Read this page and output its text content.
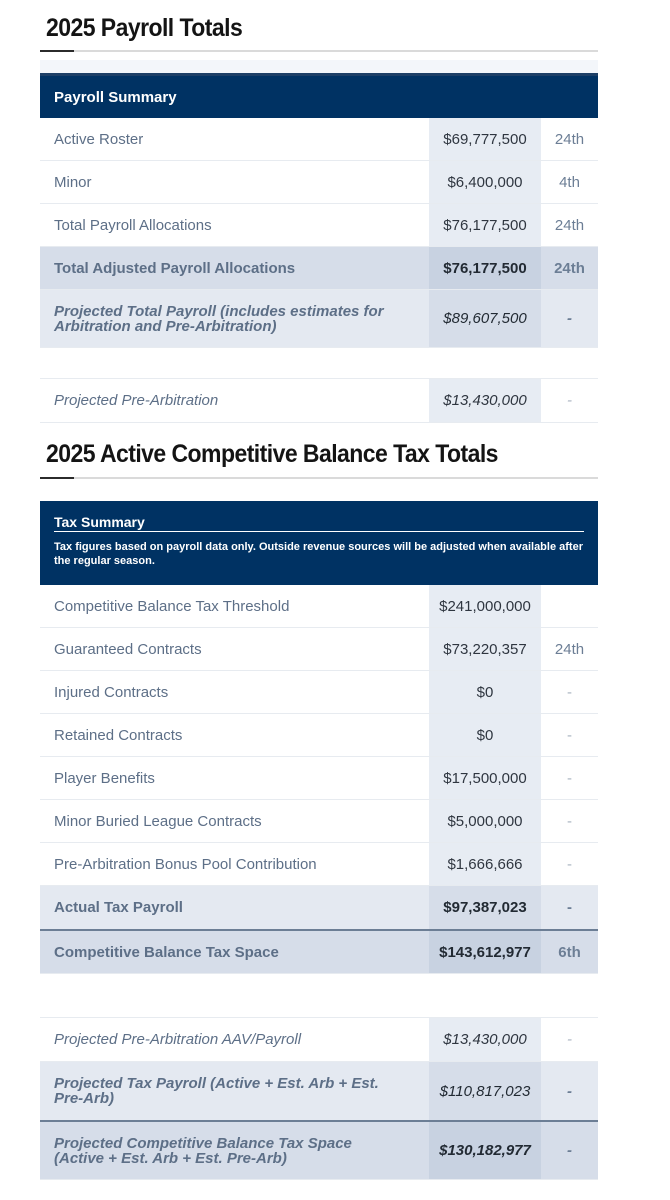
2025 Payroll Totals
Payroll Summary
Active Roster	$69,777,500	24th
Minor	$6,400,000	4th
Total Payroll Allocations	$76,177,500	24th
Total Adjusted Payroll Allocations	$76,177,500	24th
Projected Total Payroll (includes estimates for Arbitration and Pre-Arbitration)	$89,607,500	-
Projected Pre-Arbitration	$13,430,000	-
2025 Active Competitive Balance Tax Totals
Tax Summary
Tax figures based on payroll data only. Outside revenue sources will be adjusted when available after the regular season.
Competitive Balance Tax Threshold	$241,000,000
Guaranteed Contracts	$73,220,357	24th
Injured Contracts	$0	-
Retained Contracts	$0	-
Player Benefits	$17,500,000	-
Minor Buried League Contracts	$5,000,000	-
Pre-Arbitration Bonus Pool Contribution	$1,666,666	-
Actual Tax Payroll	$97,387,023	-
Competitive Balance Tax Space	$143,612,977	6th
Projected Pre-Arbitration AAV/Payroll	$13,430,000	-
Projected Tax Payroll (Active + Est. Arb + Est. Pre-Arb)	$110,817,023	-
Projected Competitive Balance Tax Space (Active + Est. Arb + Est. Pre-Arb)	$130,182,977	-
